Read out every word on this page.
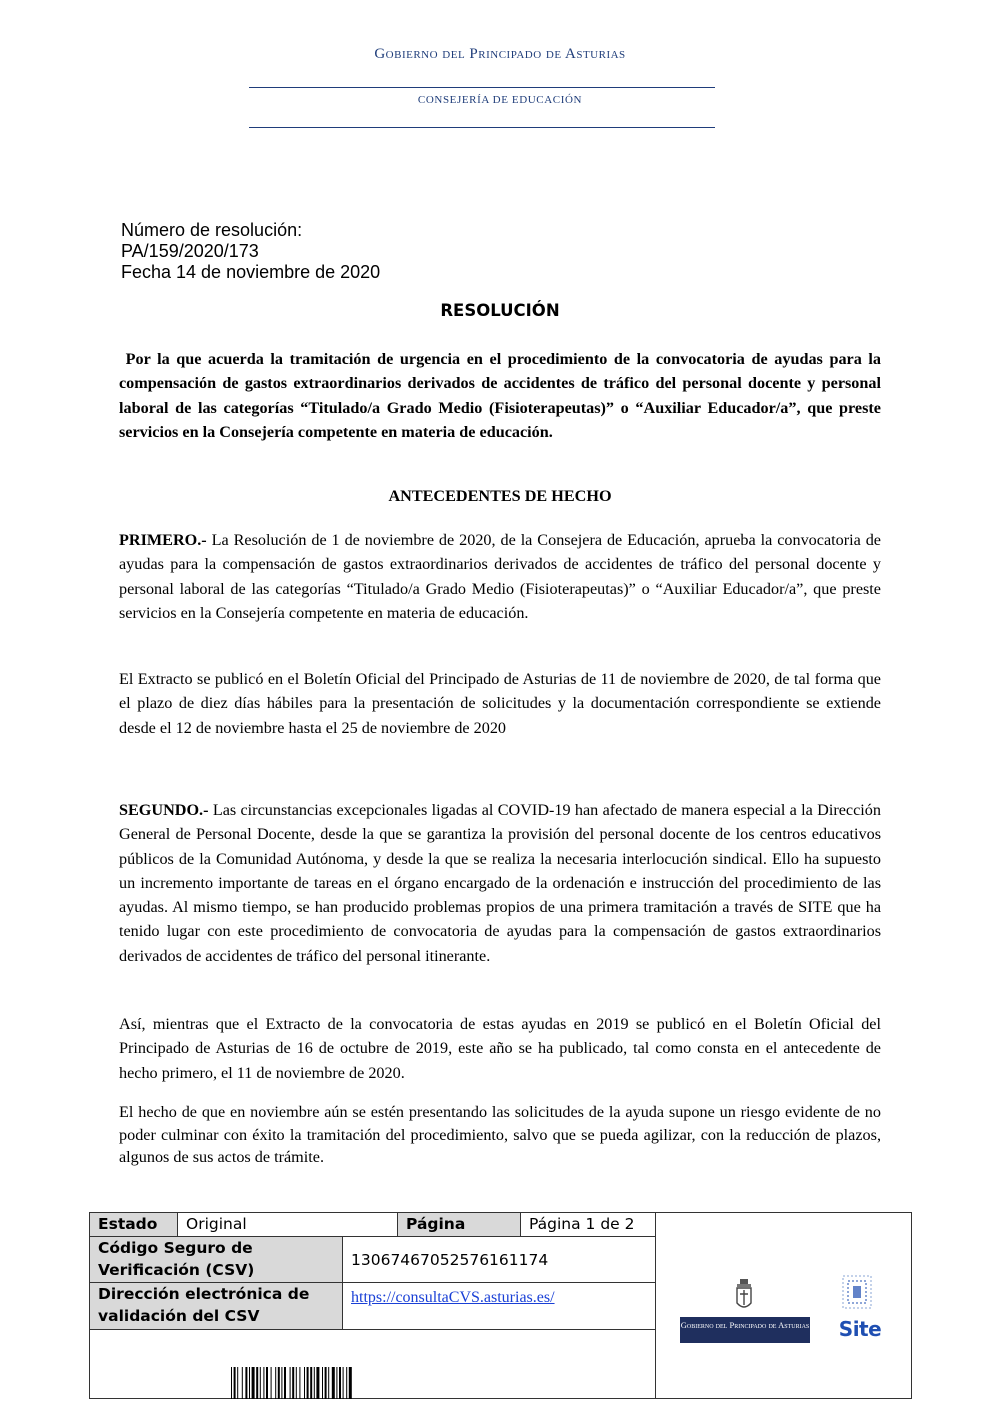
Gobierno del Principado de Asturias
CONSEJERÍA DE EDUCACIÓN
Número de resolución:
PA/159/2020/173
Fecha 14 de noviembre de 2020
RESOLUCIÓN
Por la que acuerda la tramitación de urgencia en el procedimiento de la convocatoria de ayudas para la compensación de gastos extraordinarios derivados de accidentes de tráfico del personal docente y personal laboral de las categorías “Titulado/a Grado Medio (Fisioterapeutas)” o “Auxiliar Educador/a”, que preste servicios en la Consejería competente en materia de educación.
ANTECEDENTES DE HECHO
PRIMERO.- La Resolución de 1 de noviembre de 2020, de la Consejera de Educación, aprueba la convocatoria de ayudas para la compensación de gastos extraordinarios derivados de accidentes de tráfico del personal docente y personal laboral de las categorías “Titulado/a Grado Medio (Fisioterapeutas)” o “Auxiliar Educador/a”, que preste servicios en la Consejería competente en materia de educación.
El Extracto se publicó en el Boletín Oficial del Principado de Asturias de 11 de noviembre de 2020, de tal forma que el plazo de diez días hábiles para la presentación de solicitudes y la documentación correspondiente se extiende desde el 12 de noviembre hasta el 25 de noviembre de 2020
SEGUNDO.- Las circunstancias excepcionales ligadas al COVID-19 han afectado de manera especial a la Dirección General de Personal Docente, desde la que se garantiza la provisión del personal docente de los centros educativos públicos de la Comunidad Autónoma, y desde la que se realiza la necesaria interlocución sindical. Ello ha supuesto un incremento importante de tareas en el órgano encargado de la ordenación e instrucción del procedimiento de las ayudas. Al mismo tiempo, se han producido problemas propios de una primera tramitación a través de SITE que ha tenido lugar con este procedimiento de convocatoria de ayudas para la compensación de gastos extraordinarios derivados de accidentes de tráfico del personal itinerante.
Así, mientras que el Extracto de la convocatoria de estas ayudas en 2019 se publicó en el Boletín Oficial del Principado de Asturias de 16 de octubre de 2019, este año se ha publicado, tal como consta en el antecedente de hecho primero, el 11 de noviembre de 2020.
El hecho de que en noviembre aún se estén presentando las solicitudes de la ayuda supone un riesgo evidente de no poder culminar con éxito la tramitación del procedimiento, salvo que se pueda agilizar, con la reducción de plazos, algunos de sus actos de trámite.
Estado	Original	Página	Página 1 de 2
Código Seguro de Verificación (CSV)
13067467052576161174
Dirección electrónica de validación del CSV
https://consultaCVS.asturias.es/
Gobierno del Principado de Asturias	Site
